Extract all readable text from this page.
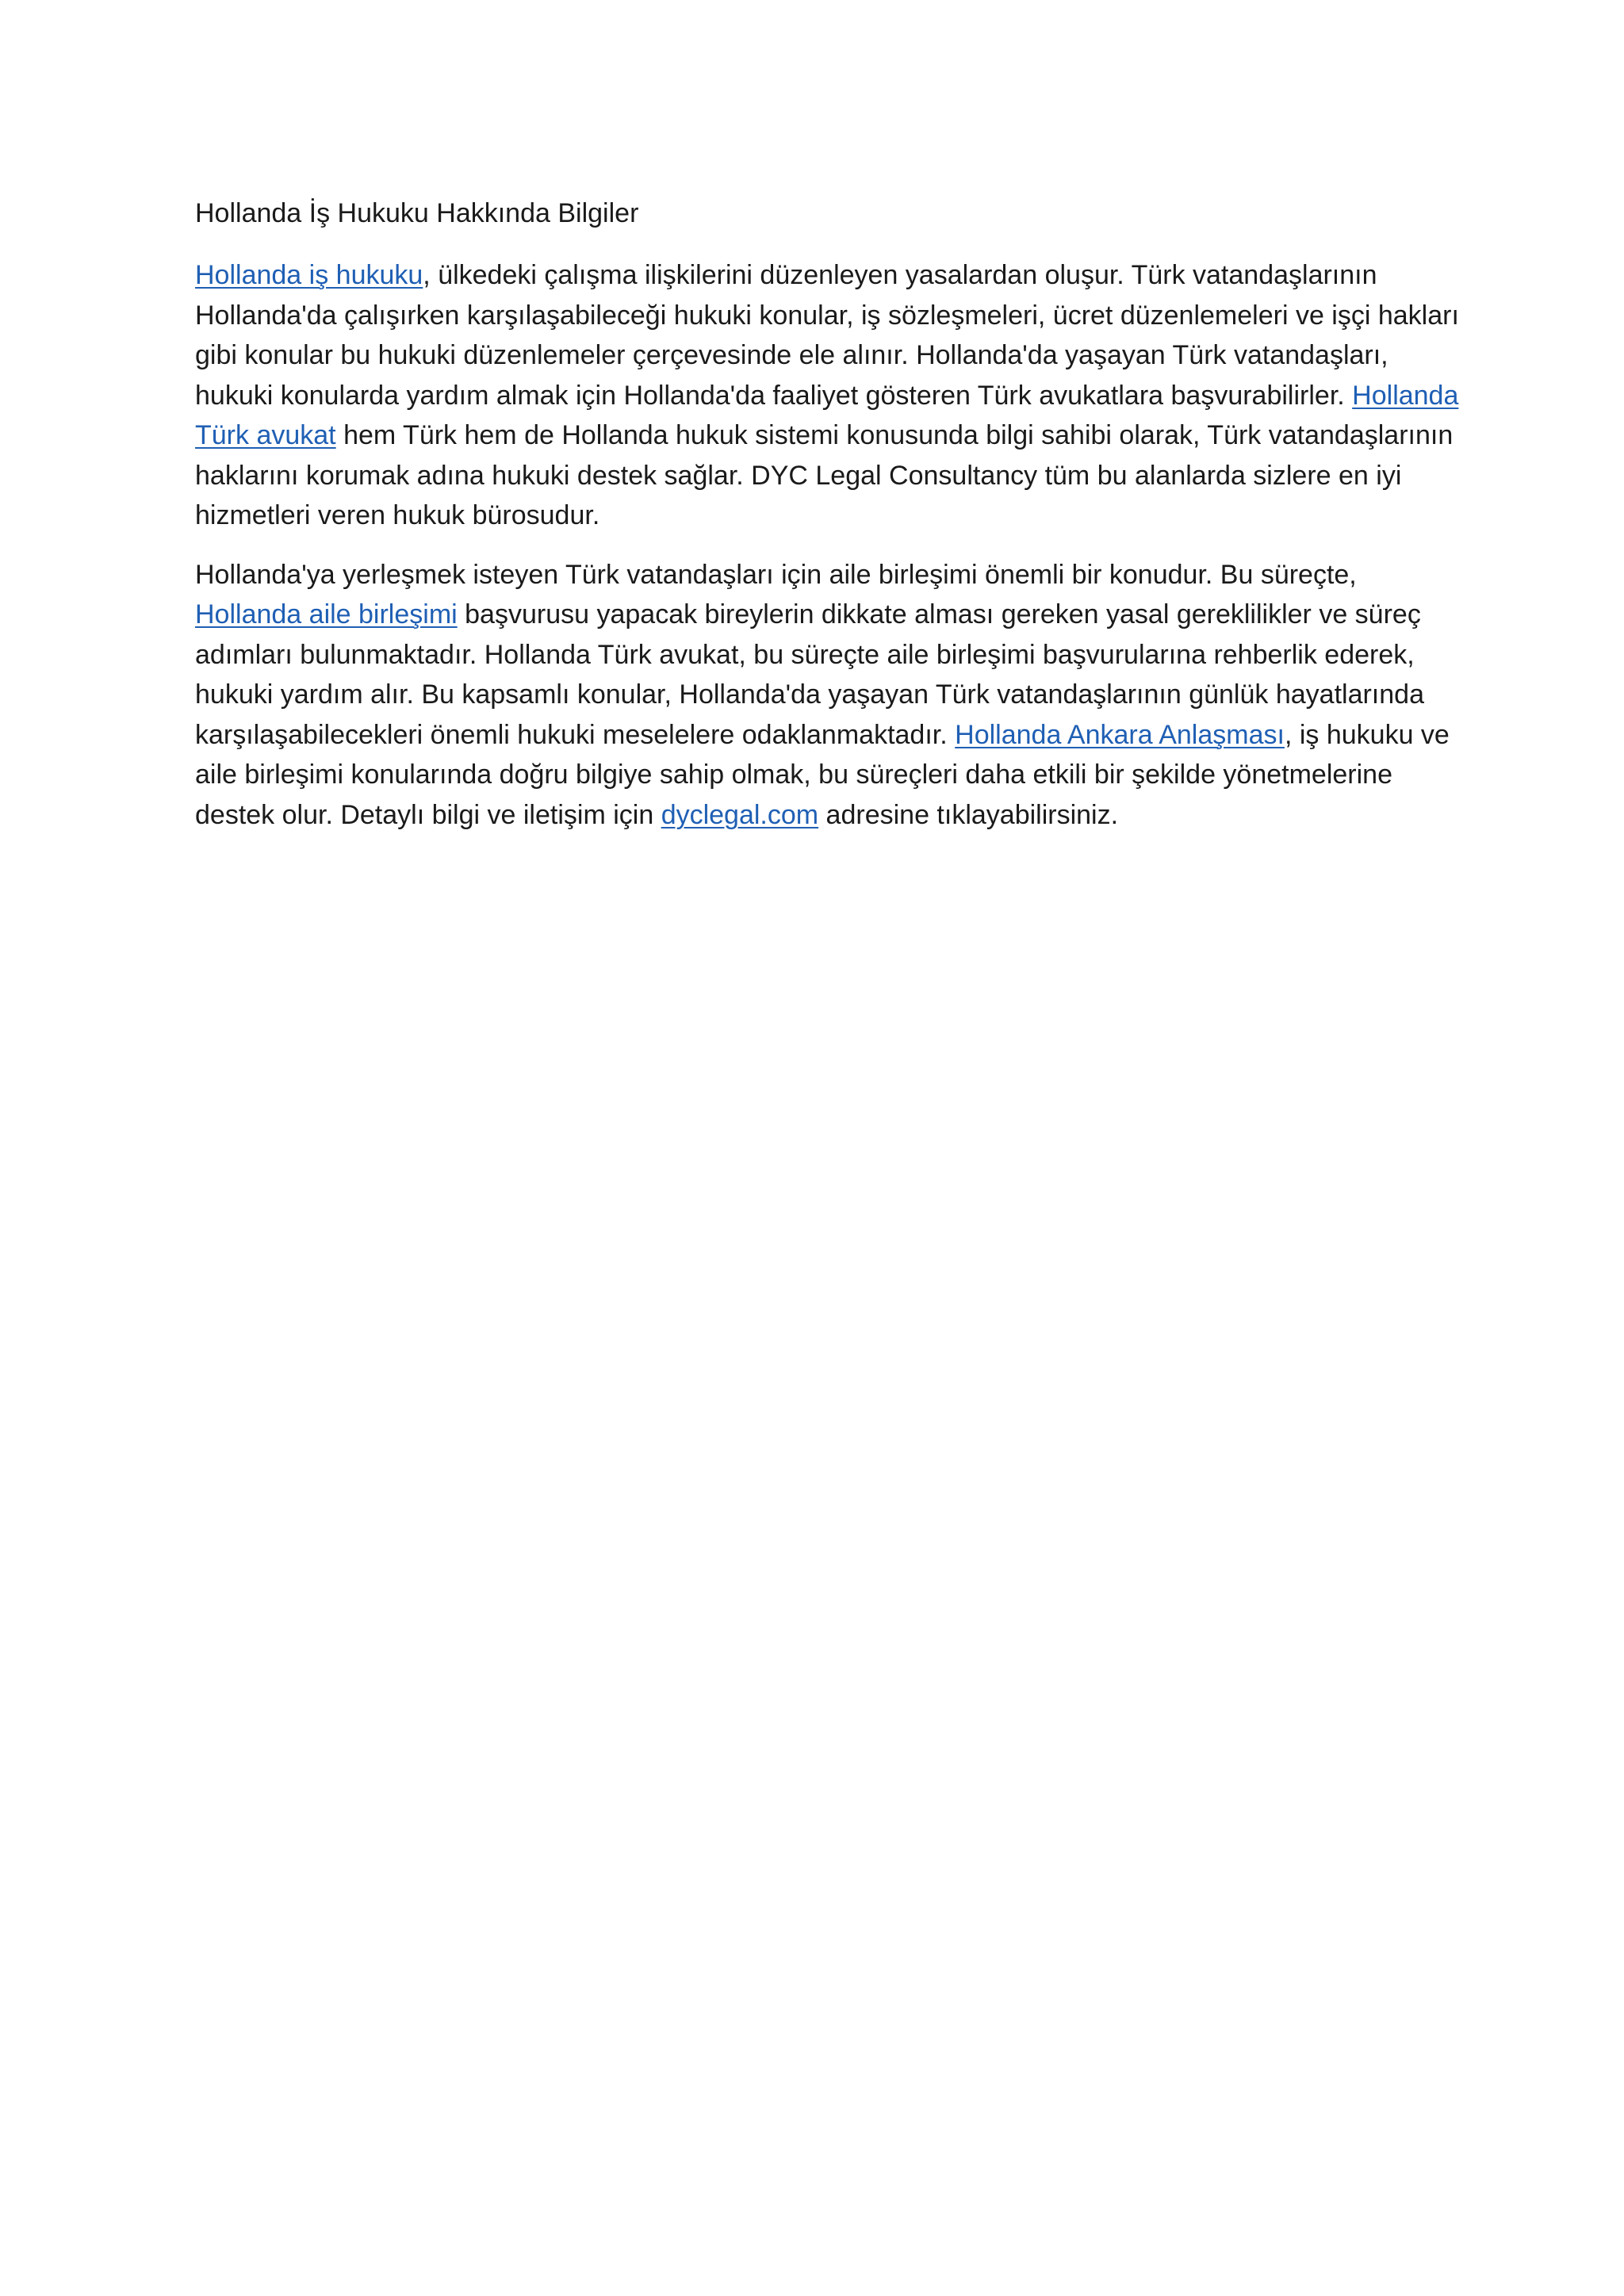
Hollanda İş Hukuku Hakkında Bilgiler

Hollanda iş hukuku, ülkedeki çalışma ilişkilerini düzenleyen yasalardan oluşur. Türk vatandaşlarının Hollanda'da çalışırken karşılaşabileceği hukuki konular, iş sözleşmeleri, ücret düzenlemeleri ve işçi hakları gibi konular bu hukuki düzenlemeler çerçevesinde ele alınır. Hollanda'da yaşayan Türk vatandaşları, hukuki konularda yardım almak için Hollanda'da faaliyet gösteren Türk avukatlara başvurabilirler. Hollanda Türk avukat hem Türk hem de Hollanda hukuk sistemi konusunda bilgi sahibi olarak, Türk vatandaşlarının haklarını korumak adına hukuki destek sağlar. DYC Legal Consultancy tüm bu alanlarda sizlere en iyi hizmetleri veren hukuk bürosudur.

Hollanda'ya yerleşmek isteyen Türk vatandaşları için aile birleşimi önemli bir konudur. Bu süreçte, Hollanda aile birleşimi başvurusu yapacak bireylerin dikkate alması gereken yasal gereklilikler ve süreç adımları bulunmaktadır. Hollanda Türk avukat, bu süreçte aile birleşimi başvurularına rehberlik ederek, hukuki yardım alır. Bu kapsamlı konular, Hollanda'da yaşayan Türk vatandaşlarının günlük hayatlarında karşılaşabilecekleri önemli hukuki meselelere odaklanmaktadır. Hollanda Ankara Anlaşması, iş hukuku ve aile birleşimi konularında doğru bilgiye sahip olmak, bu süreçleri daha etkili bir şekilde yönetmelerine destek olur. Detaylı bilgi ve iletişim için dyclegal.com adresine tıklayabilirsiniz.
